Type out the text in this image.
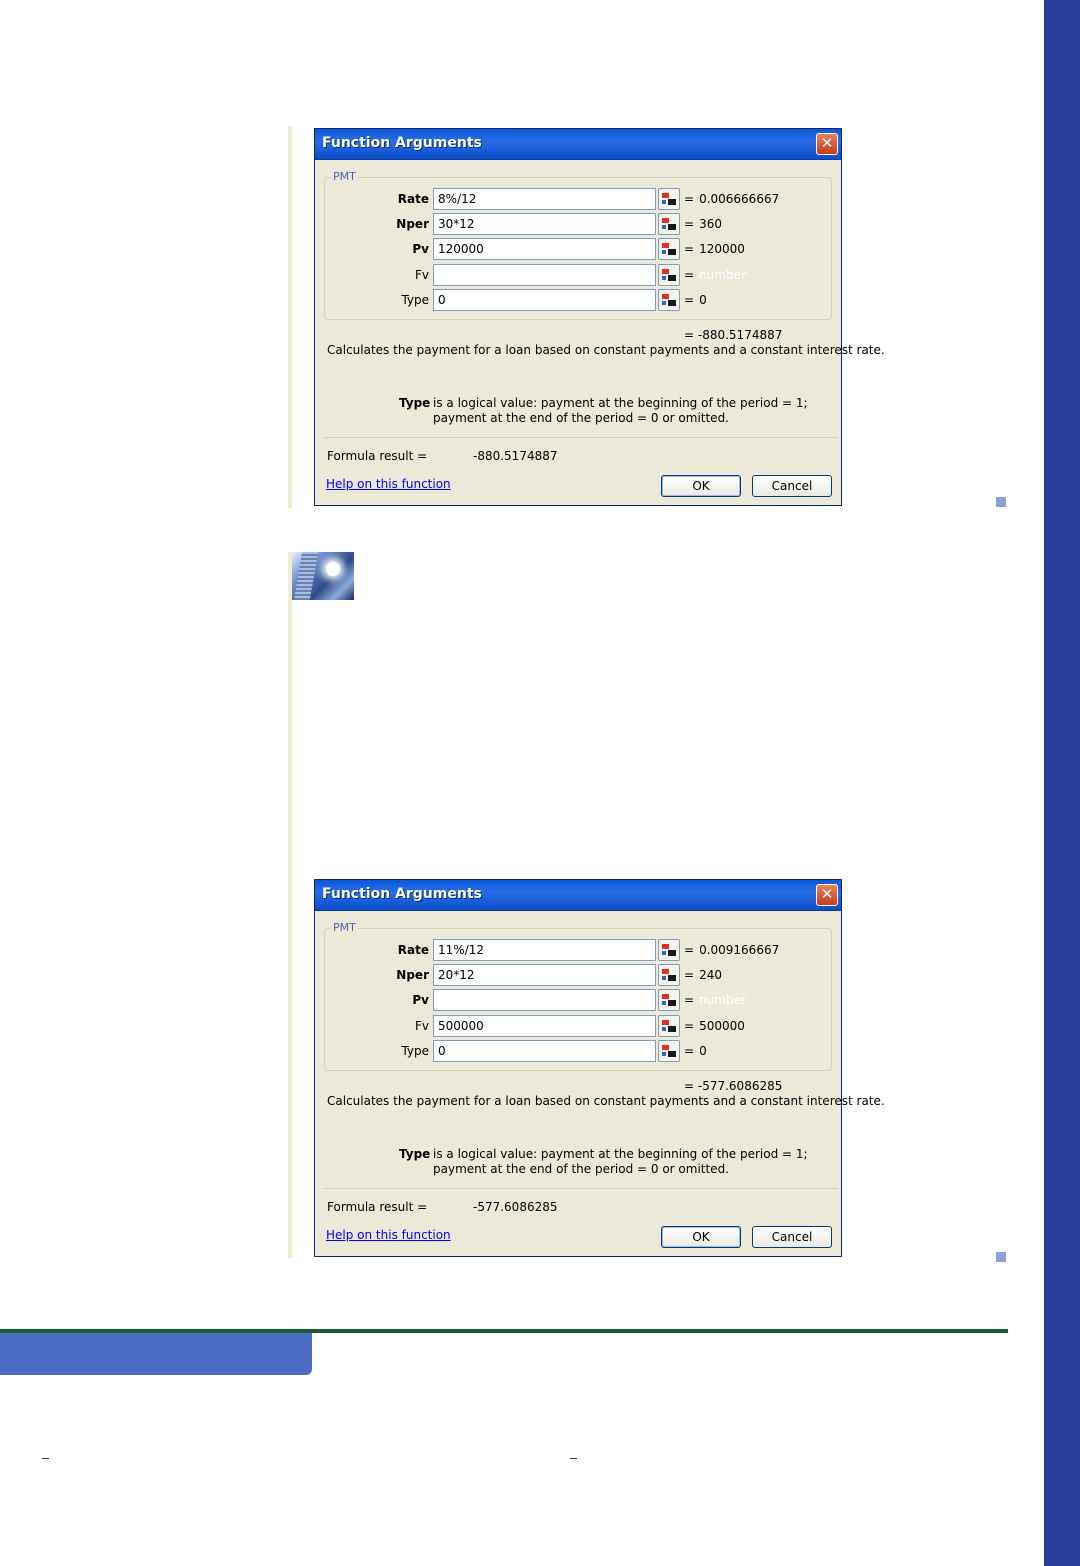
Function Arguments	✕
PMT
Rate 8%/12	= 0.006666667
Nper 30*12	= 360
Pv 120000	= 120000
Fv	= number
Type 0	= 0
= -880.5174887
Calculates the payment for a loan based on constant payments and a constant interest rate.
Type is a logical value: payment at the beginning of the period = 1; payment at the end of the period = 0 or omitted.
Formula result =	-880.5174887
Help on this function	OK	Cancel
Function Arguments	✕
PMT
Rate 11%/12	= 0.009166667
Nper 20*12	= 240
Pv	= number
Fv 500000	= 500000
Type 0	= 0
= -577.6086285
Calculates the payment for a loan based on constant payments and a constant interest rate.
Type is a logical value: payment at the beginning of the period = 1; payment at the end of the period = 0 or omitted.
Formula result =	-577.6086285
Help on this function	OK	Cancel
